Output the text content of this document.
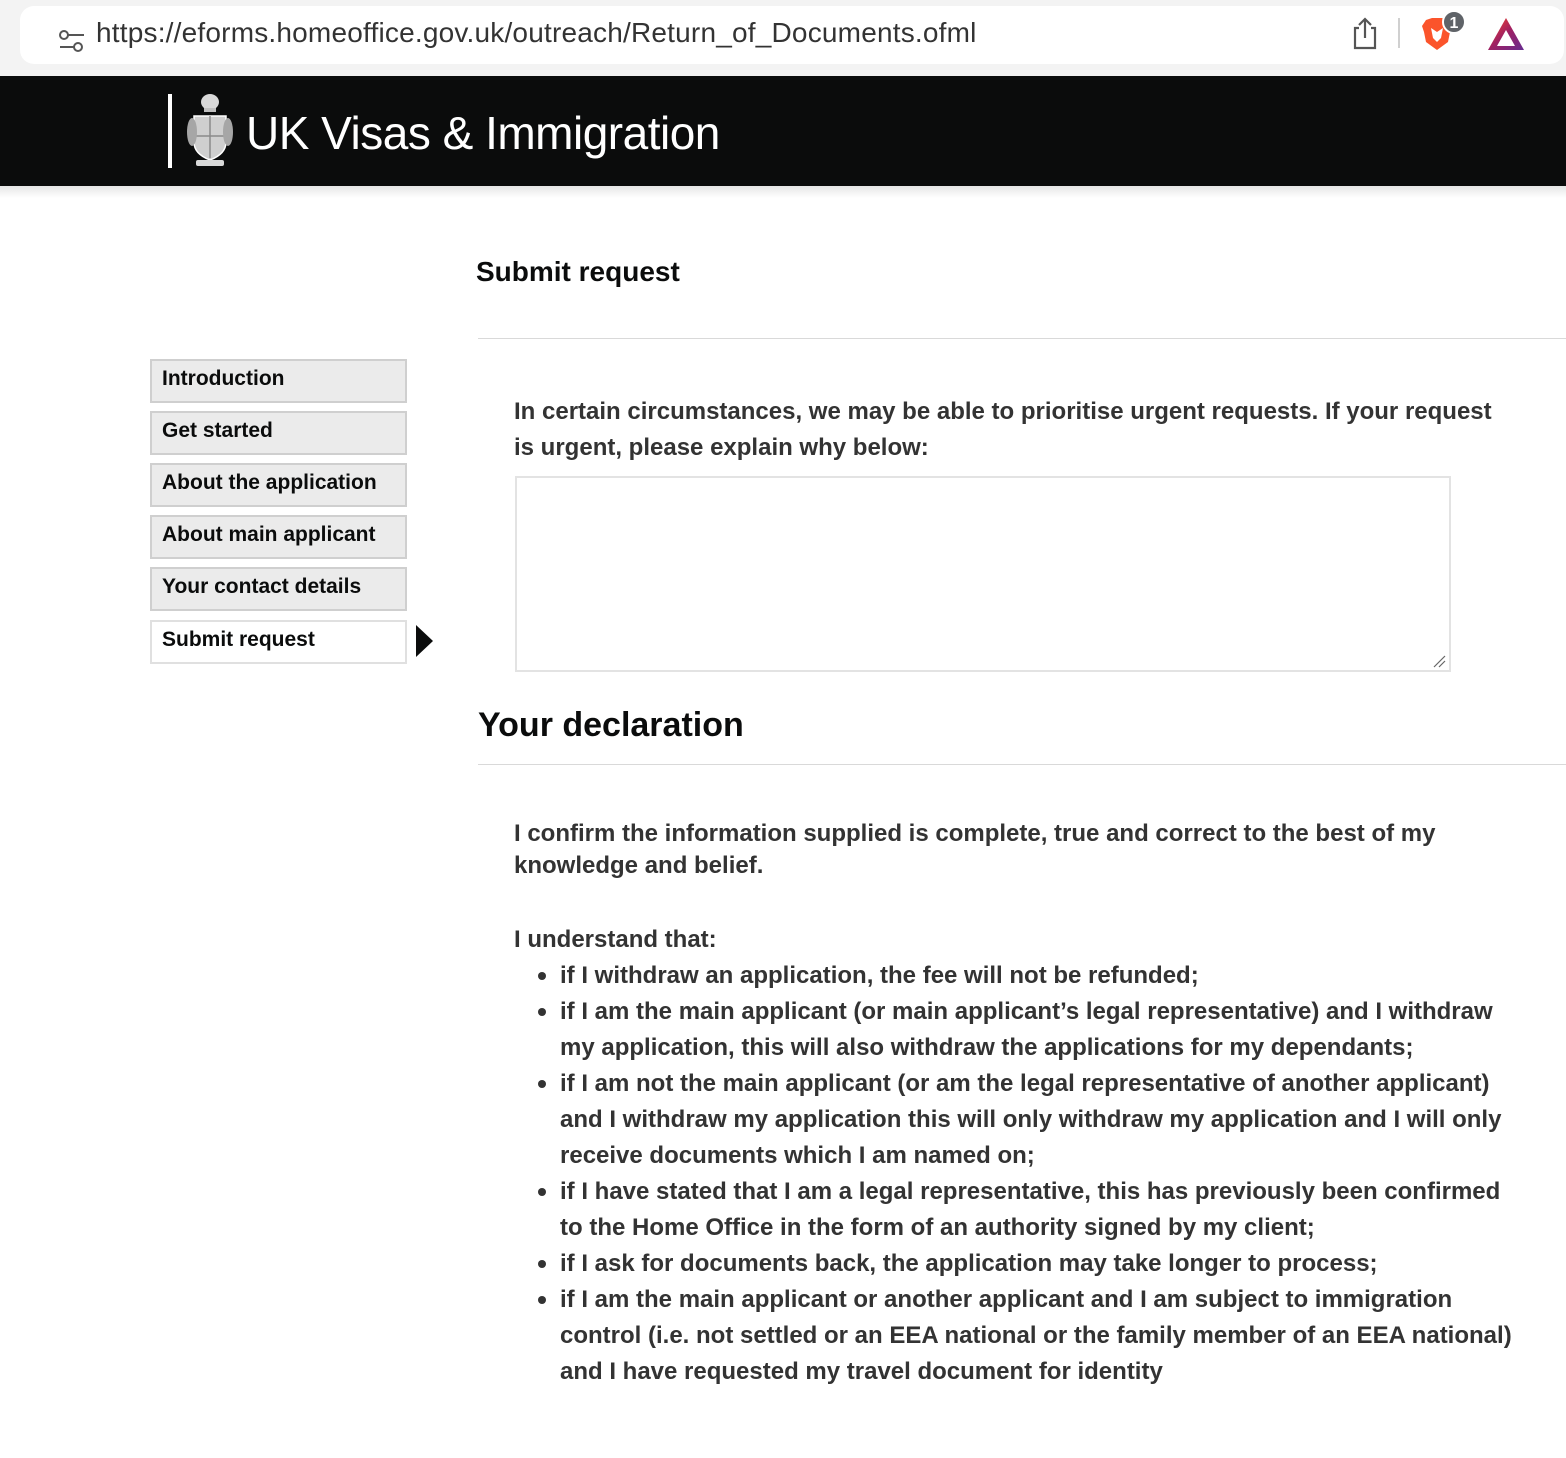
https://eforms.homeoffice.gov.uk/outreach/Return_of_Documents.ofml	1
UK Visas & Immigration
Submit request
Introduction
Get started
About the application
About main applicant
Your contact details
Submit request
In certain circumstances, we may be able to prioritise urgent requests. If your request is urgent, please explain why below:
Your declaration

I confirm the information supplied is complete, true and correct to the best of my knowledge and belief.

I understand that:

if I withdraw an application, the fee will not be refunded;
if I am the main applicant (or main applicant’s legal representative) and I withdraw my application, this will also withdraw the applications for my dependants;
if I am not the main applicant (or am the legal representative of another applicant) and I withdraw my application this will only withdraw my application and I will only receive documents which I am named on;
if I have stated that I am a legal representative, this has previously been confirmed to the Home Office in the form of an authority signed by my client;
if I ask for documents back, the application may take longer to process;
if I am the main applicant or another applicant and I am subject to immigration control (i.e. not settled or an EEA national or the family member of an EEA national) and I have requested my travel document for identity
